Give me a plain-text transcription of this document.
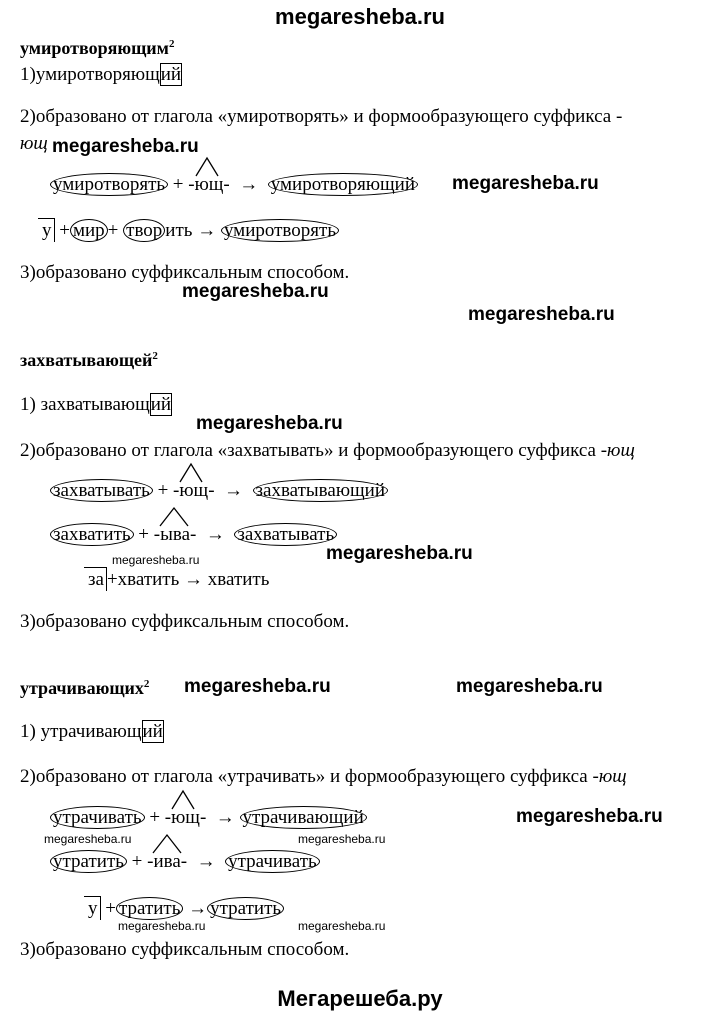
megaresheba.ru
умиротворяющим$^2$
1)умиротворяющий
2)образовано от глагола «умиротворять» и формообразующего суффикса -
ющ megaresheba.ru
умиротворять + -
ющ- → умиротворяющий megaresheba.ru
у + мир + твор ить → умиротворять
3)образовано суффиксальным способом.
megaresheba.ru
megaresheba.ru
захватывающей$^2$
1) захватывающий
megaresheba.ru
2)образовано от глагола «захватывать» и формообразующего суффикса -ющ
захватывать + -
ющ- → захватывающий
захватить + -
ыва- → захватывать
megaresheba.ru	megaresheba.ru
за +хватить → хватить
3)образовано суффиксальным способом.
утрачивающих$^2$ megaresheba.ru	megaresheba.ru
1) утрачивающий
2)образовано от глагола «утрачивать» и формообразующего суффикса -ющ
утрачивать + -
ющ- → утрачивающий	megaresheba.ru
megaresheba.ru	megaresheba.ru
утратить + -
ива- → утрачивать
у + тратить → утратить
megaresheba.ru	megaresheba.ru
3)образовано суффиксальным способом.
Мегарешеба.ру
